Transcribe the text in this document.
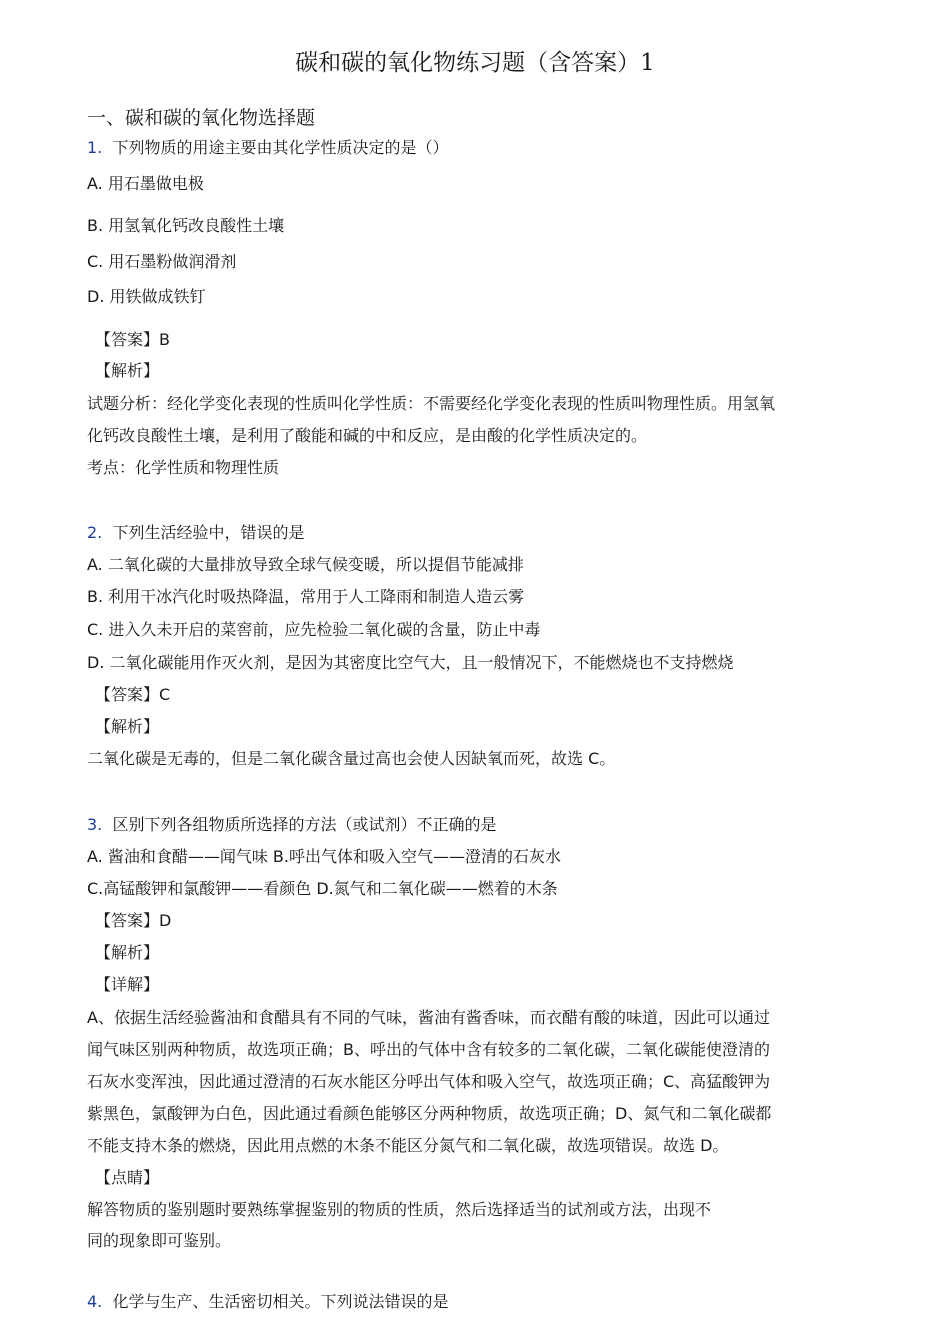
碳和碳的氧化物练习题（含答案）1
一、碳和碳的氧化物选择题
1. 下列物质的用途主要由其化学性质决定的是（）
A. 用石墨做电极
B. 用氢氧化钙改良酸性土壤
C. 用石墨粉做润滑剂
D. 用铁做成铁钉
【答案】B
【解析】
试题分析：经化学变化表现的性质叫化学性质：不需要经化学变化表现的性质叫物理性质。用氢氧
化钙改良酸性土壤，是利用了酸能和碱的中和反应，是由酸的化学性质决定的。
考点：化学性质和物理性质
2. 下列生活经验中，错误的是
A. 二氧化碳的大量排放导致全球气候变暖，所以提倡节能减排
B. 利用干冰汽化时吸热降温，常用于人工降雨和制造人造云雾
C. 进入久未开启的菜窖前，应先检验二氧化碳的含量，防止中毒
D. 二氧化碳能用作灭火剂，是因为其密度比空气大，且一般情况下，不能燃烧也不支持燃烧
【答案】C
【解析】
二氧化碳是无毒的，但是二氧化碳含量过高也会使人因缺氧而死，故选 C。
3. 区别下列各组物质所选择的方法（或试剂）不正确的是
A. 酱油和食醋——闻气味 B.呼出气体和吸入空气——澄清的石灰水
C.高锰酸钾和氯酸钾——看颜色 D.氮气和二氧化碳——燃着的木条
【答案】D
【解析】
【详解】
A、依据生活经验酱油和食醋具有不同的气味，酱油有酱香味，而衣醋有酸的味道，因此可以通过
闻气味区别两种物质，故选项正确；B、呼出的气体中含有较多的二氧化碳，二氧化碳能使澄清的
石灰水变浑浊，因此通过澄清的石灰水能区分呼出气体和吸入空气，故选项正确；C、高猛酸钾为
紫黑色，氯酸钾为白色，因此通过看颜色能够区分两种物质，故选项正确；D、氮气和二氧化碳都
不能支持木条的燃烧，因此用点燃的木条不能区分氮气和二氧化碳，故选项错误。故选 D。
【点睛】
解答物质的鉴别题时要熟练掌握鉴别的物质的性质，然后选择适当的试剂或方法，出现不
同的现象即可鉴别。
4. 化学与生产、生活密切相关。下列说法错误的是
